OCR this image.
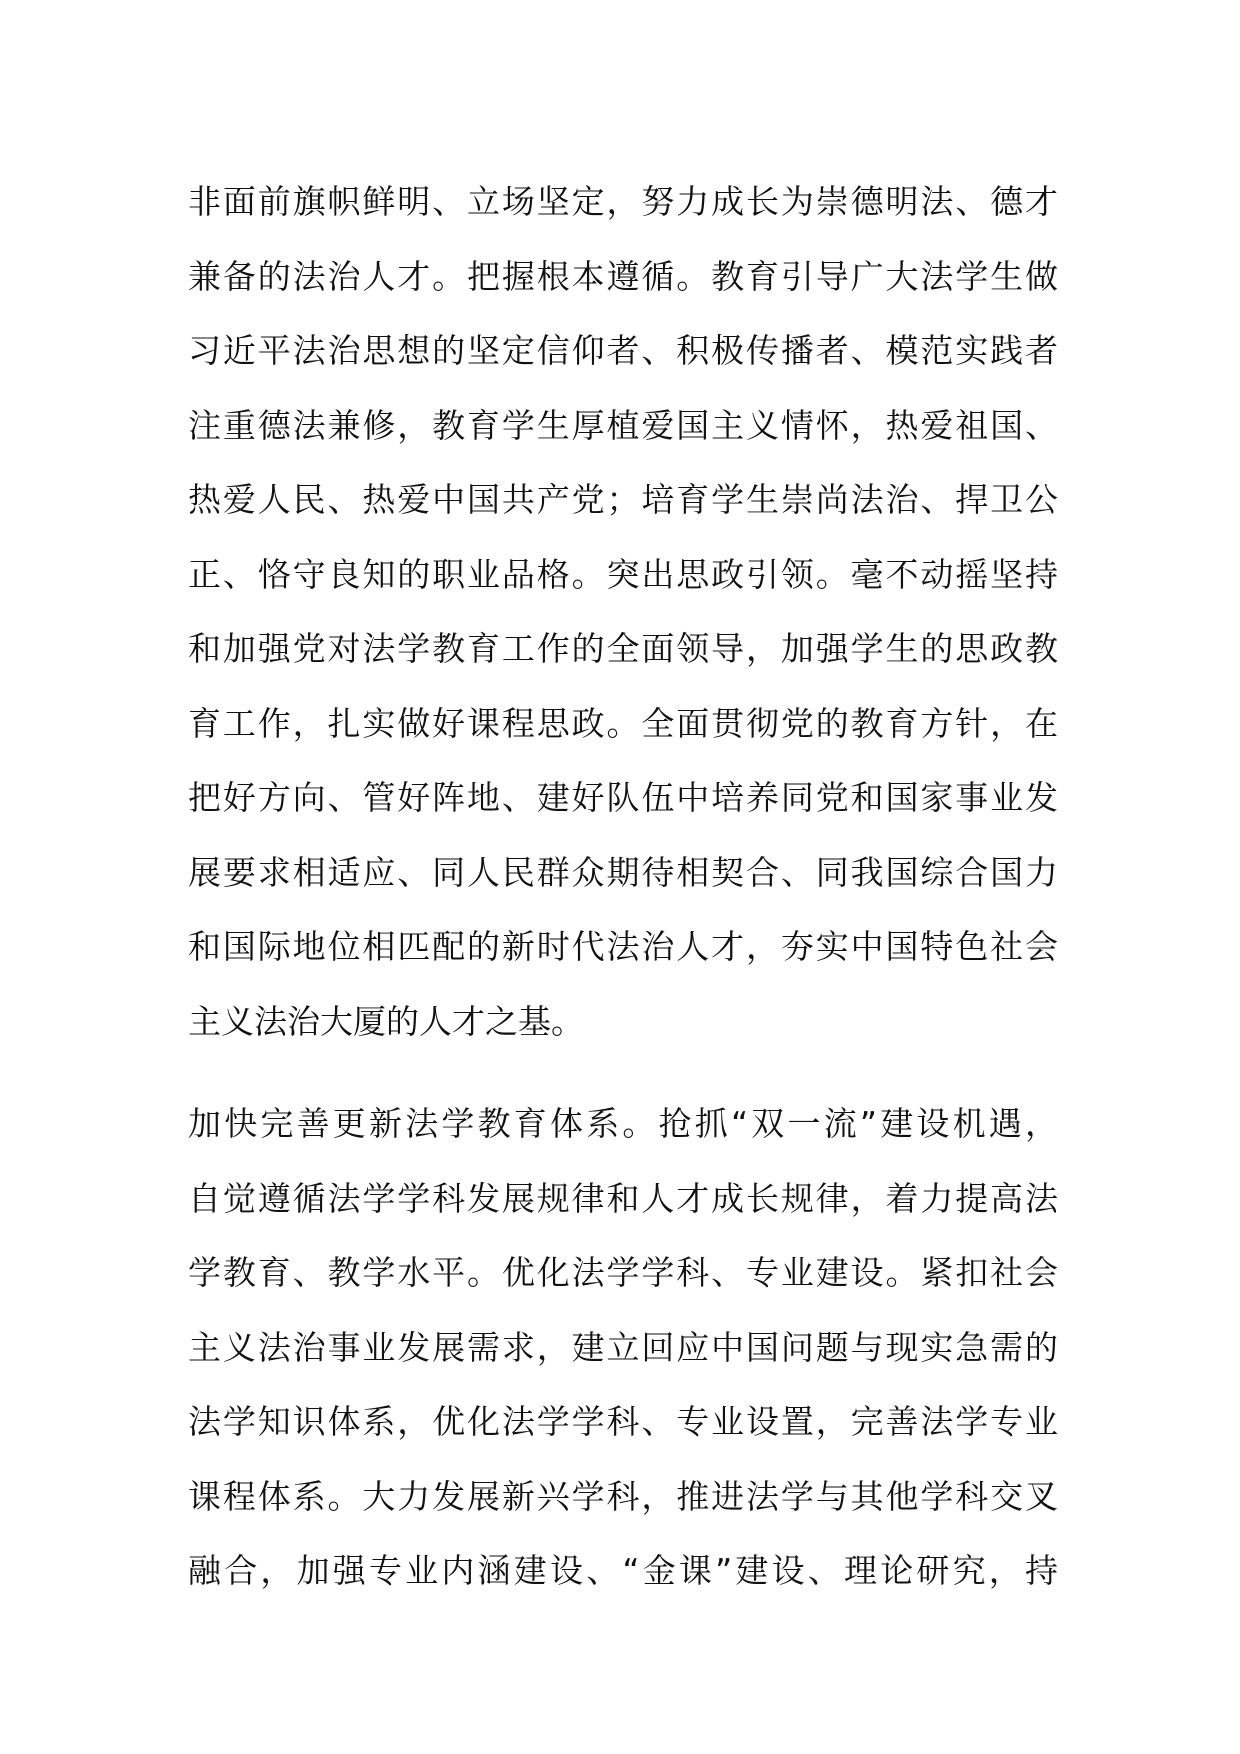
非面前旗帜鲜明、立场坚定，努力成长为崇德明法、德才
兼备的法治人才。把握根本遵循。教育引导广大法学生做
习近平法治思想的坚定信仰者、积极传播者、模范实践者
注重德法兼修，教育学生厚植爱国主义情怀，热爱祖国、
热爱人民、热爱中国共产党；培育学生崇尚法治、捍卫公
正、恪守良知的职业品格。突出思政引领。毫不动摇坚持
和加强党对法学教育工作的全面领导，加强学生的思政教
育工作，扎实做好课程思政。全面贯彻党的教育方针，在
把好方向、管好阵地、建好队伍中培养同党和国家事业发
展要求相适应、同人民群众期待相契合、同我国综合国力
和国际地位相匹配的新时代法治人才，夯实中国特色社会
主义法治大厦的人才之基。
加快完善更新法学教育体系。抢抓“双一流”建设机遇，
自觉遵循法学学科发展规律和人才成长规律，着力提高法
学教育、教学水平。优化法学学科、专业建设。紧扣社会
主义法治事业发展需求，建立回应中国问题与现实急需的
法学知识体系，优化法学学科、专业设置，完善法学专业
课程体系。大力发展新兴学科，推进法学与其他学科交叉
融合，加强专业内涵建设、“金课”建设、理论研究，持
